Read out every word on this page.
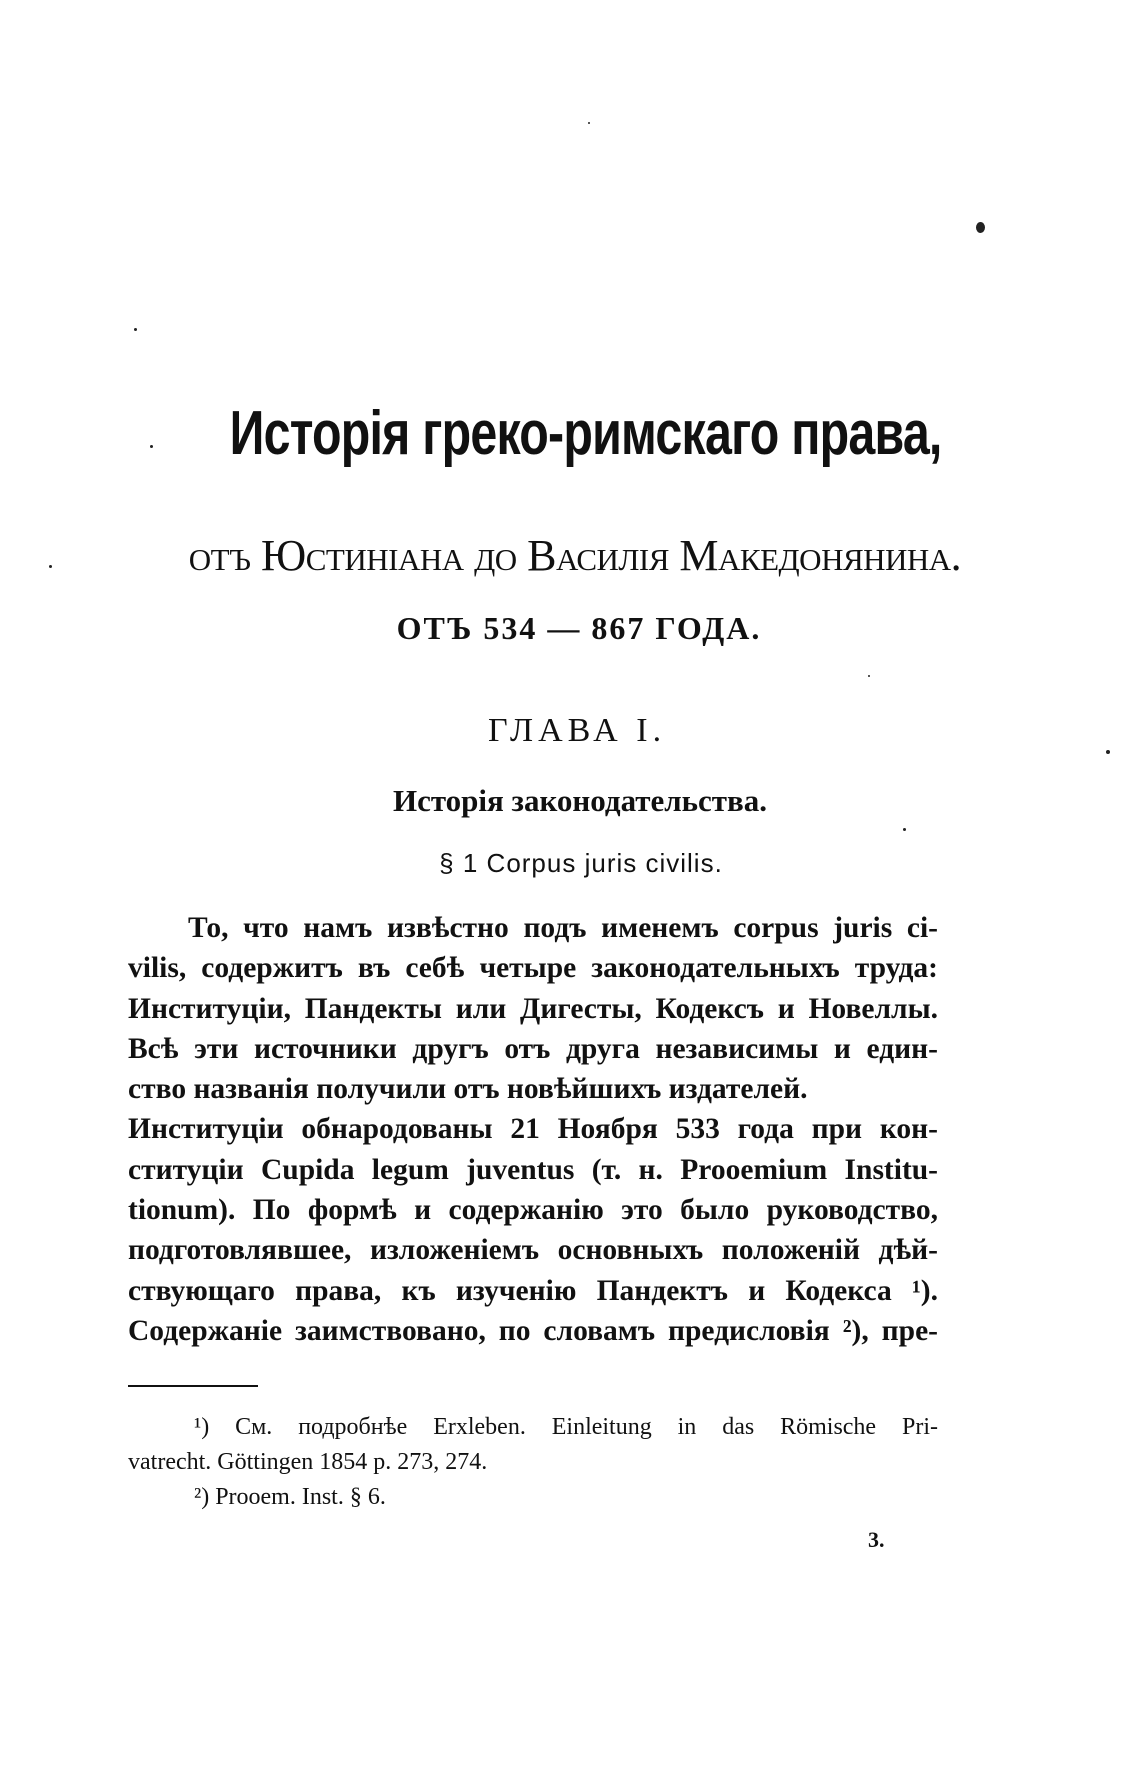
Исторія греко-римскаго права,
отъ Юстиніана до Василія Македонянина.
ОТЪ 534 — 867 ГОДА.
ГЛАВА I.
Исторія законодательства.
§ 1 Corpus juris civilis.
То, что намъ извѣстно подъ именемъ corpus juris ci-
vilis, содержитъ въ себѣ четыре законодательныхъ труда:
Институціи, Пандекты или Дигесты, Кодексъ и Новеллы.
Всѣ эти источники другъ отъ друга независимы и един-
ство названія получили отъ новѣйшихъ издателей.
Институціи обнародованы 21 Ноября 533 года при кон-
ституціи Cupida legum juventus (т. н. Prooemium Institu-
tionum). По формѣ и содержанію это было руководство,
подготовлявшее, изложеніемъ основныхъ положеній дѣй-
ствующаго права, къ изученію Пандектъ и Кодекса ¹).
Содержаніе заимствовано, по словамъ предисловія ²), пре-
¹) См. подробнѣе Erxleben. Einleitung in das Römische Pri-
vatrecht. Göttingen 1854 p. 273, 274.
²) Prooem. Inst. § 6.
3.
